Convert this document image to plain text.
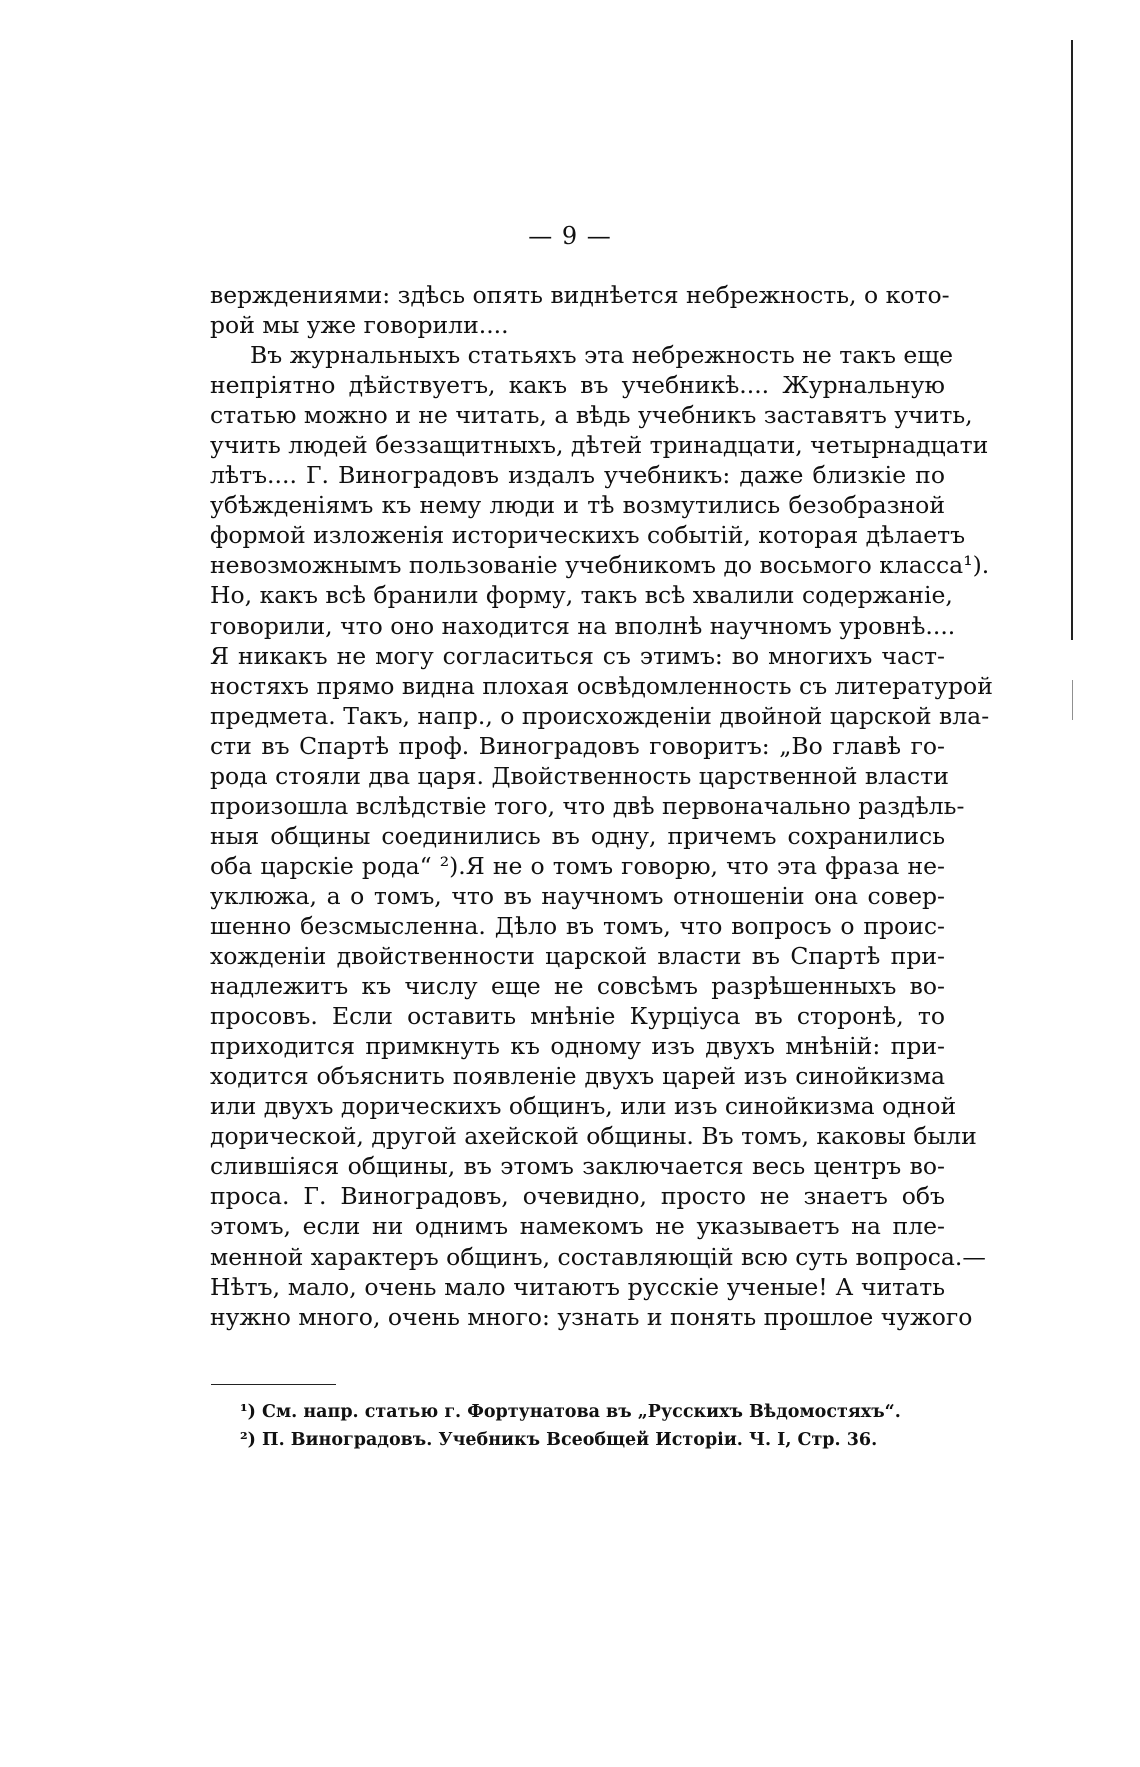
— 9 —
верждениями: здѣсь опять виднѣется небрежность, о кото-
рой мы уже говорили....
Въ журнальныхъ статьяхъ эта небрежность не такъ еще
непріятно дѣйствуетъ, какъ въ учебникѣ.... Журнальную
статью можно и не читать, а вѣдь учебникъ заставятъ учить,
учить людей беззащитныхъ, дѣтей тринадцати, четырнадцати
лѣтъ.... Г. Виноградовъ издалъ учебникъ: даже близкіе по
убѣжденіямъ къ нему люди и тѣ возмутились безобразной
формой изложенія историческихъ событій, которая дѣлаетъ
невозможнымъ пользованіе учебникомъ до восьмого класса¹).
Но, какъ всѣ бранили форму, такъ всѣ хвалили содержаніе,
говорили, что оно находится на вполнѣ научномъ уровнѣ....
Я никакъ не могу согласиться съ этимъ: во многихъ част-
ностяхъ прямо видна плохая освѣдомленность съ литературой
предмета. Такъ, напр., о происхожденіи двойной царской вла-
сти въ Спартѣ проф. Виноградовъ говоритъ: „Во главѣ го-
рода стояли два царя. Двойственность царственной власти
произошла вслѣдствіе того, что двѣ первоначально раздѣль-
ныя общины соединились въ одну, причемъ сохранились
оба царскіе рода“ ²).Я не о томъ говорю, что эта фраза не-
уклюжа, а о томъ, что въ научномъ отношеніи она совер-
шенно безсмысленна. Дѣло въ томъ, что вопросъ о проис-
хожденіи двойственности царской власти въ Спартѣ при-
надлежитъ къ числу еще не совсѣмъ разрѣшенныхъ во-
просовъ. Если оставить мнѣніе Курціуса въ сторонѣ, то
приходится примкнуть къ одному изъ двухъ мнѣній: при-
ходится объяснить появленіе двухъ царей изъ синойкизма
или двухъ дорическихъ общинъ, или изъ синойкизма одной
дорической, другой ахейской общины. Въ томъ, каковы были
слившіяся общины, въ этомъ заключается весь центръ во-
проса. Г. Виноградовъ, очевидно, просто не знаетъ объ
этомъ, если ни однимъ намекомъ не указываетъ на пле-
менной характеръ общинъ, составляющій всю суть вопроса.—
Нѣтъ, мало, очень мало читаютъ русскіе ученые! А читать
нужно много, очень много: узнать и понять прошлое чужого
¹) См. напр. статью г. Фортунатова въ „Русскихъ Вѣдомостяхъ“.
²) П. Виноградовъ. Учебникъ Всеобщей Исторіи. Ч. I, Стр. 36.
